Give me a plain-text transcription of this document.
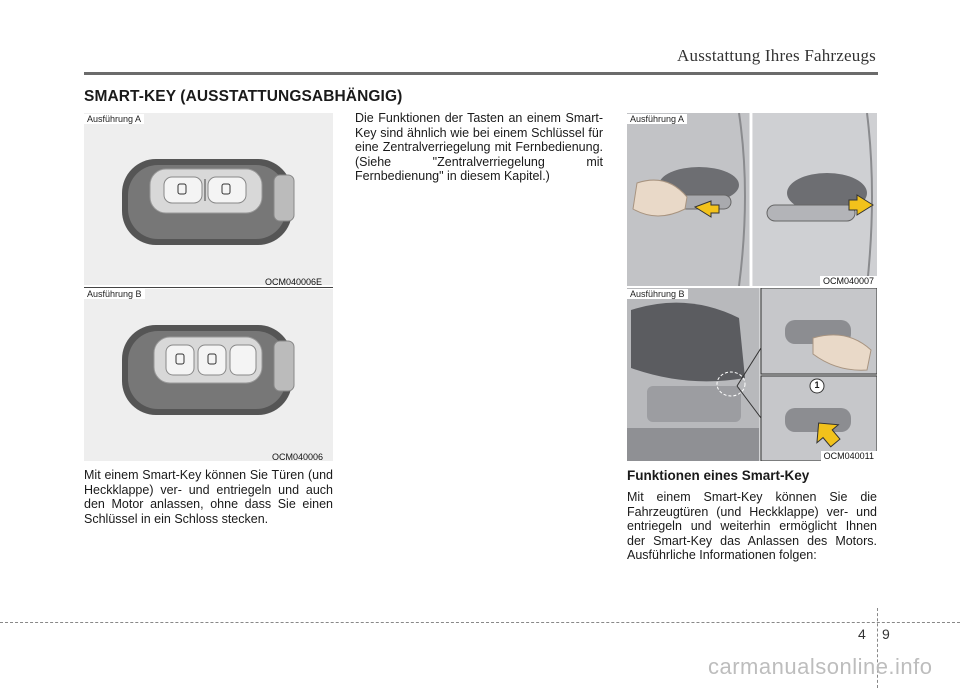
Ausstattung Ihres Fahrzeugs
SMART-KEY (AUSSTATTUNGSABHÄNGIG)
Ausführung A
OCM040006E
Ausführung B
OCM040006
Mit einem Smart-Key können Sie Türen (und Heckklappe) ver- und entriegeln und auch den Motor anlassen, ohne dass Sie einen Schlüssel in ein Schloss stecken.
Die Funktionen der Tasten an einem Smart-Key sind ähnlich wie bei einem Schlüssel für eine Zentralverriegelung mit Fernbedienung. (Siehe "Zentralverriegelung mit Fernbedienung" in diesem Kapitel.)
Ausführung A
OCM040007
1
Ausführung B
OCM040011
Funktionen eines Smart-Key
Mit einem Smart-Key können Sie die Fahrzeugtüren (und Heckklappe) ver- und entriegeln und weiterhin ermöglicht Ihnen der Smart-Key das Anlassen des Motors. Ausführliche Informationen folgen:
4 9
carmanualsonline.info
